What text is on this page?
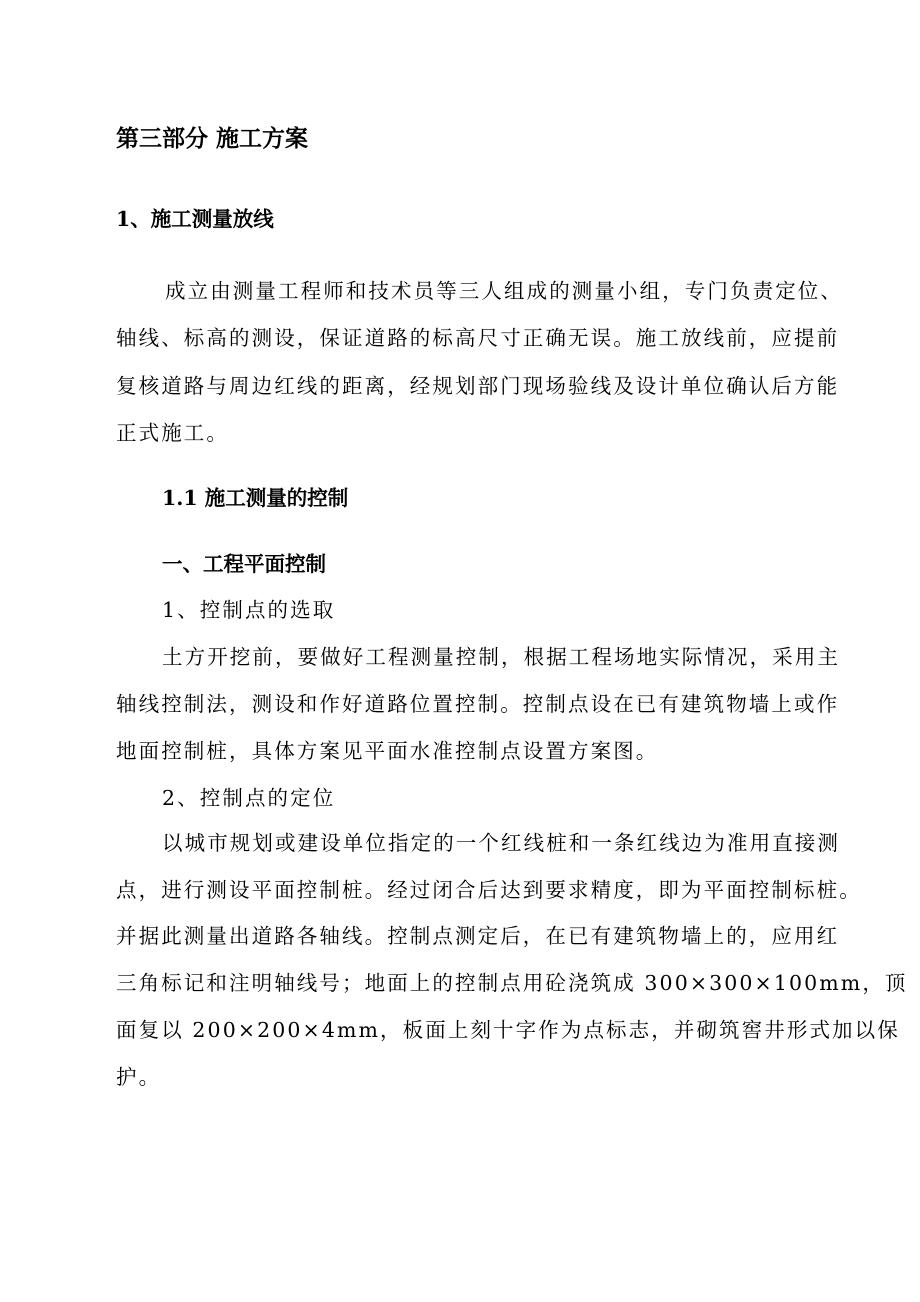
第三部分 施工方案
1、施工测量放线
成立由测量工程师和技术员等三人组成的测量小组，专门负责定位、
轴线、标高的测设，保证道路的标高尺寸正确无误。施工放线前，应提前
复核道路与周边红线的距离，经规划部门现场验线及设计单位确认后方能
正式施工。
1.1 施工测量的控制
一、工程平面控制
1、控制点的选取
土方开挖前，要做好工程测量控制，根据工程场地实际情况，采用主
轴线控制法，测设和作好道路位置控制。控制点设在已有建筑物墙上或作
地面控制桩，具体方案见平面水准控制点设置方案图。
2、控制点的定位
以城市规划或建设单位指定的一个红线桩和一条红线边为准用直接测
点，进行测设平面控制桩。经过闭合后达到要求精度，即为平面控制标桩。
并据此测量出道路各轴线。控制点测定后，在已有建筑物墙上的，应用红
三角标记和注明轴线号；地面上的控制点用砼浇筑成 300×300×100mm，顶
面复以 200×200×4mm，板面上刻十字作为点标志，并砌筑窖井形式加以保
护。
